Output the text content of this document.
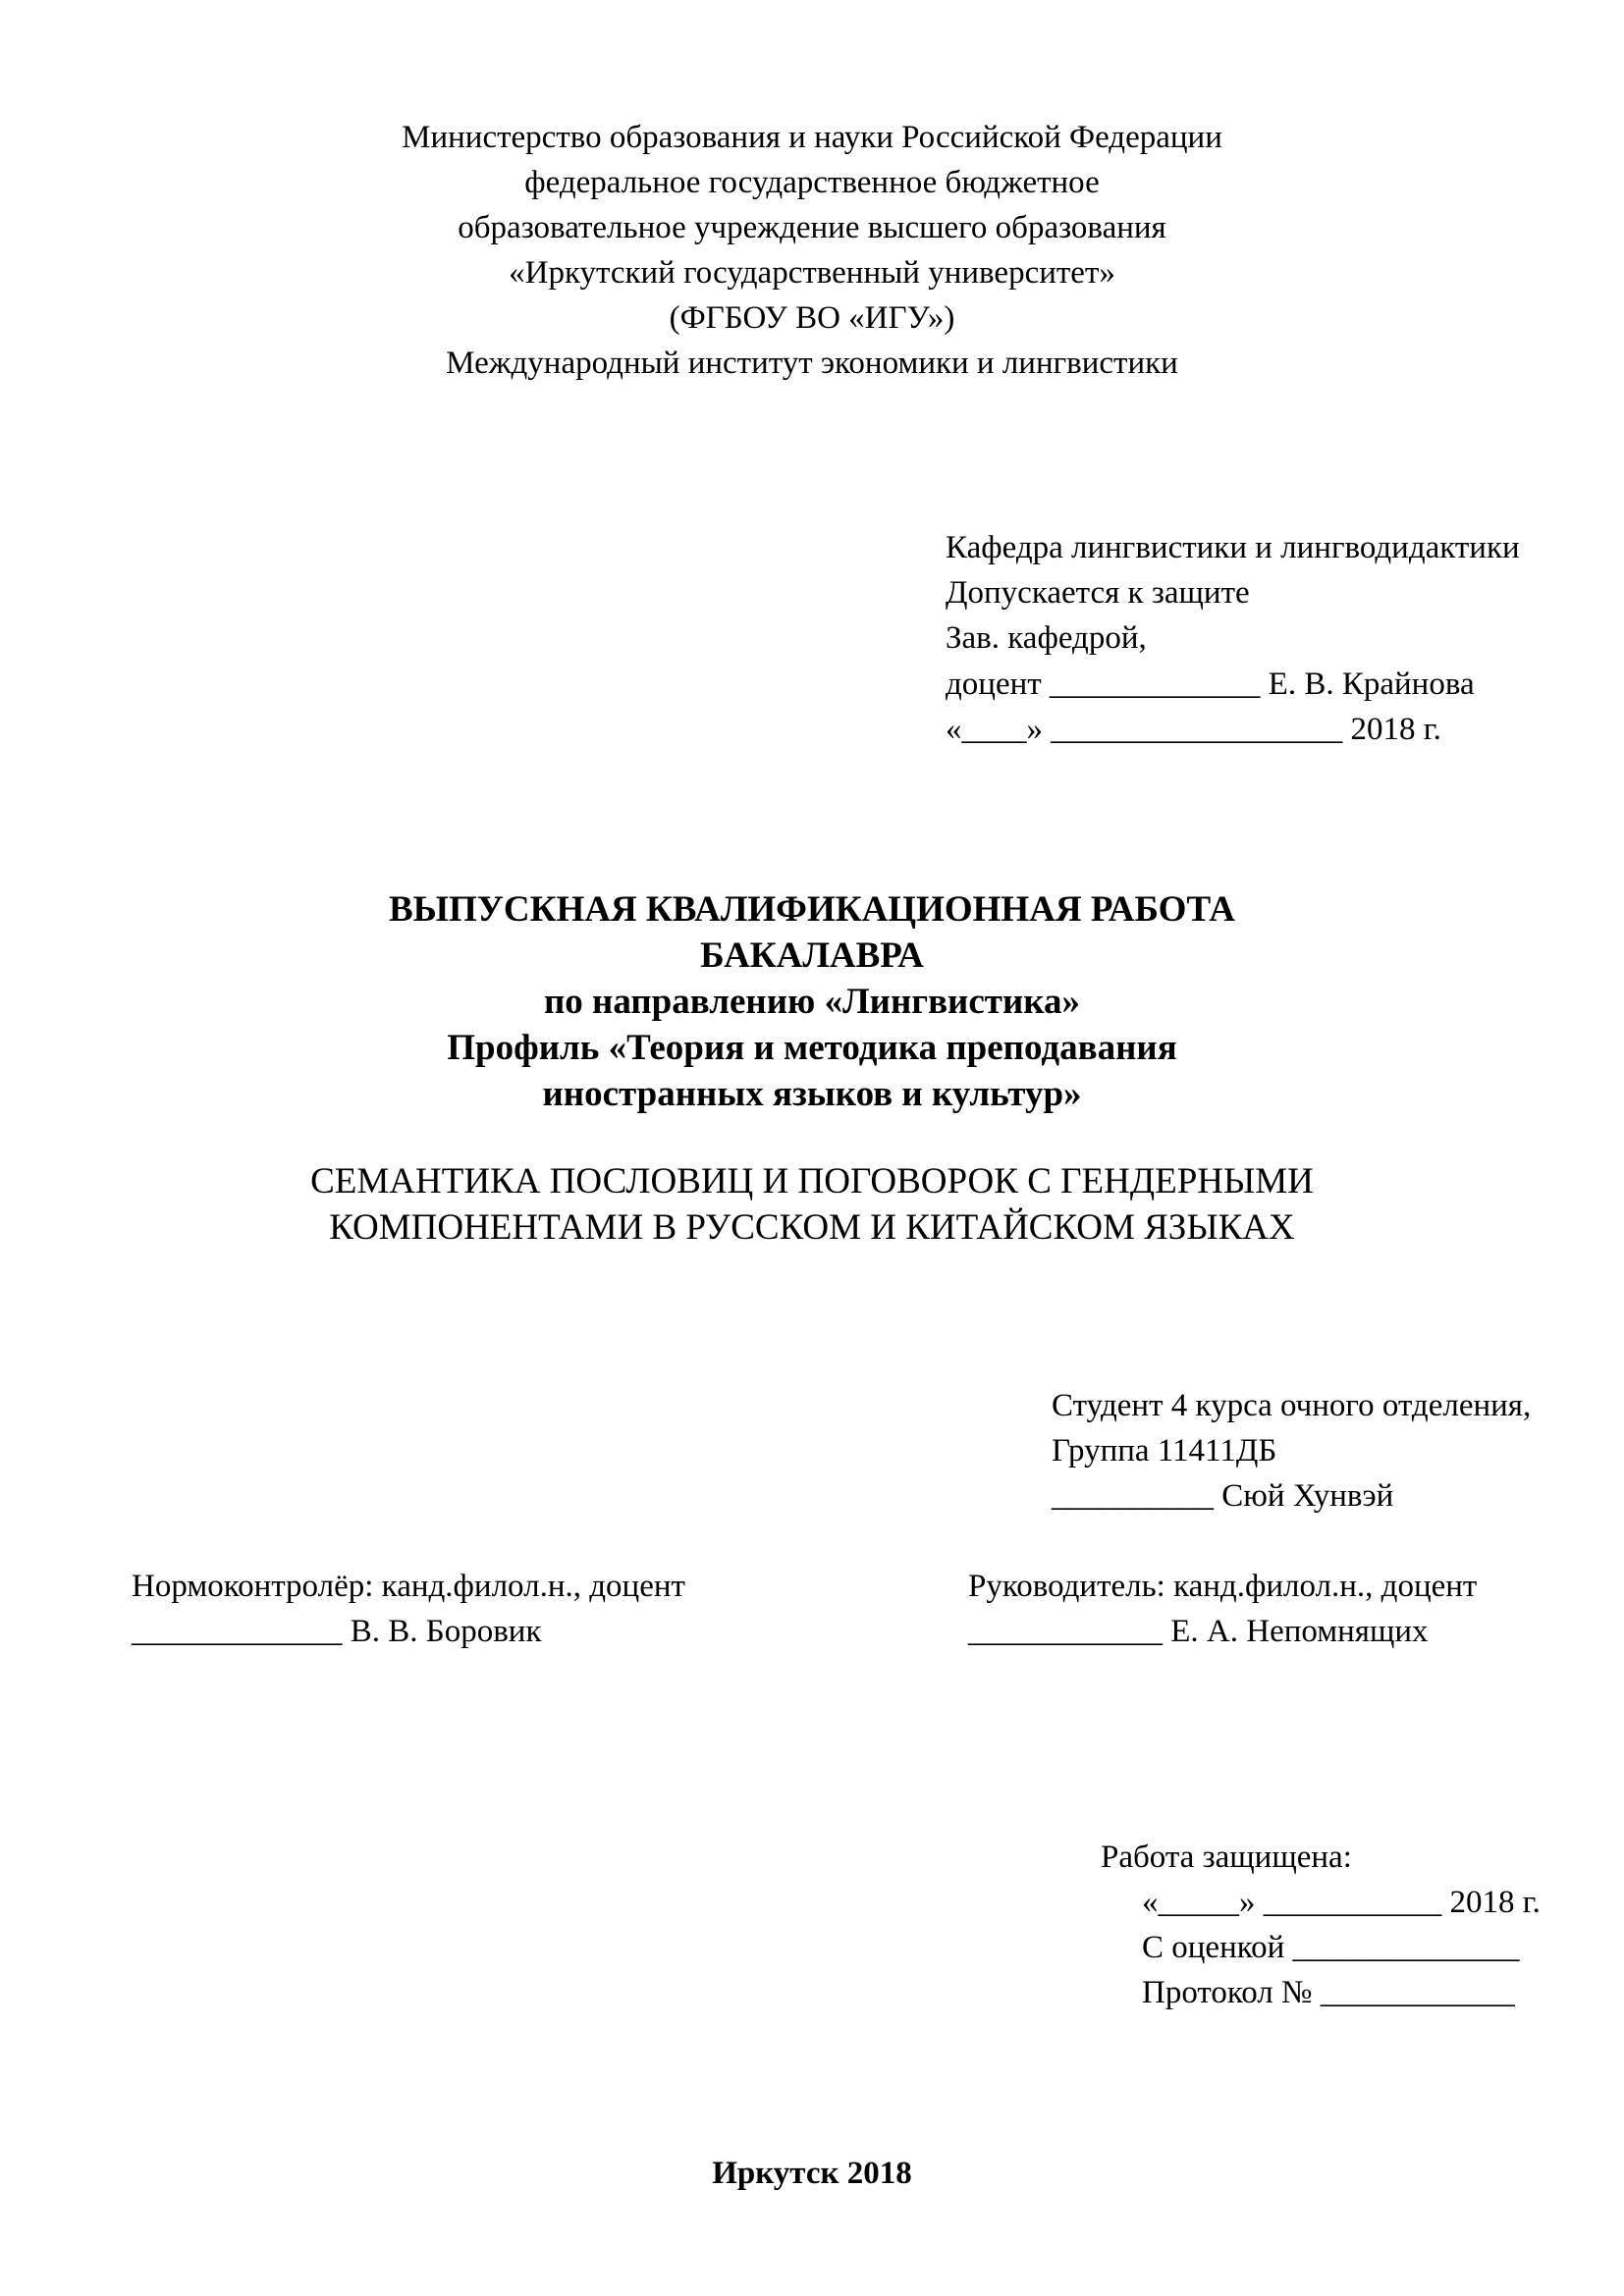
Министерство образования и науки Российской Федерации
федеральное государственное бюджетное
образовательное учреждение высшего образования
«Иркутский государственный университет»
(ФГБОУ ВО «ИГУ»)
Международный институт экономики и лингвистики
Кафедра лингвистики и лингводидактики
Допускается к защите
Зав. кафедрой,
доцент _____________ Е. В. Крайнова
«____» __________________ 2018 г.
ВЫПУСКНАЯ КВАЛИФИКАЦИОННАЯ РАБОТА
БАКАЛАВРА
по направлению «Лингвистика»
Профиль «Теория и методика преподавания
иностранных языков и культур»
СЕМАНТИКА ПОСЛОВИЦ И ПОГОВОРОК С ГЕНДЕРНЫМИ
КОМПОНЕНТАМИ В РУССКОМ И КИТАЙСКОМ ЯЗЫКАХ
Студент 4 курса очного отделения,
Группа 11411ДБ
__________ Сюй Хунвэй
Нормоконтролёр: канд.филол.н., доцент
_____________ В. В. Боровик
Руководитель: канд.филол.н., доцент
____________ Е. А. Непомнящих
Работа защищена:
«_____» ___________ 2018 г.
С оценкой ______________
Протокол № ____________
Иркутск 2018
